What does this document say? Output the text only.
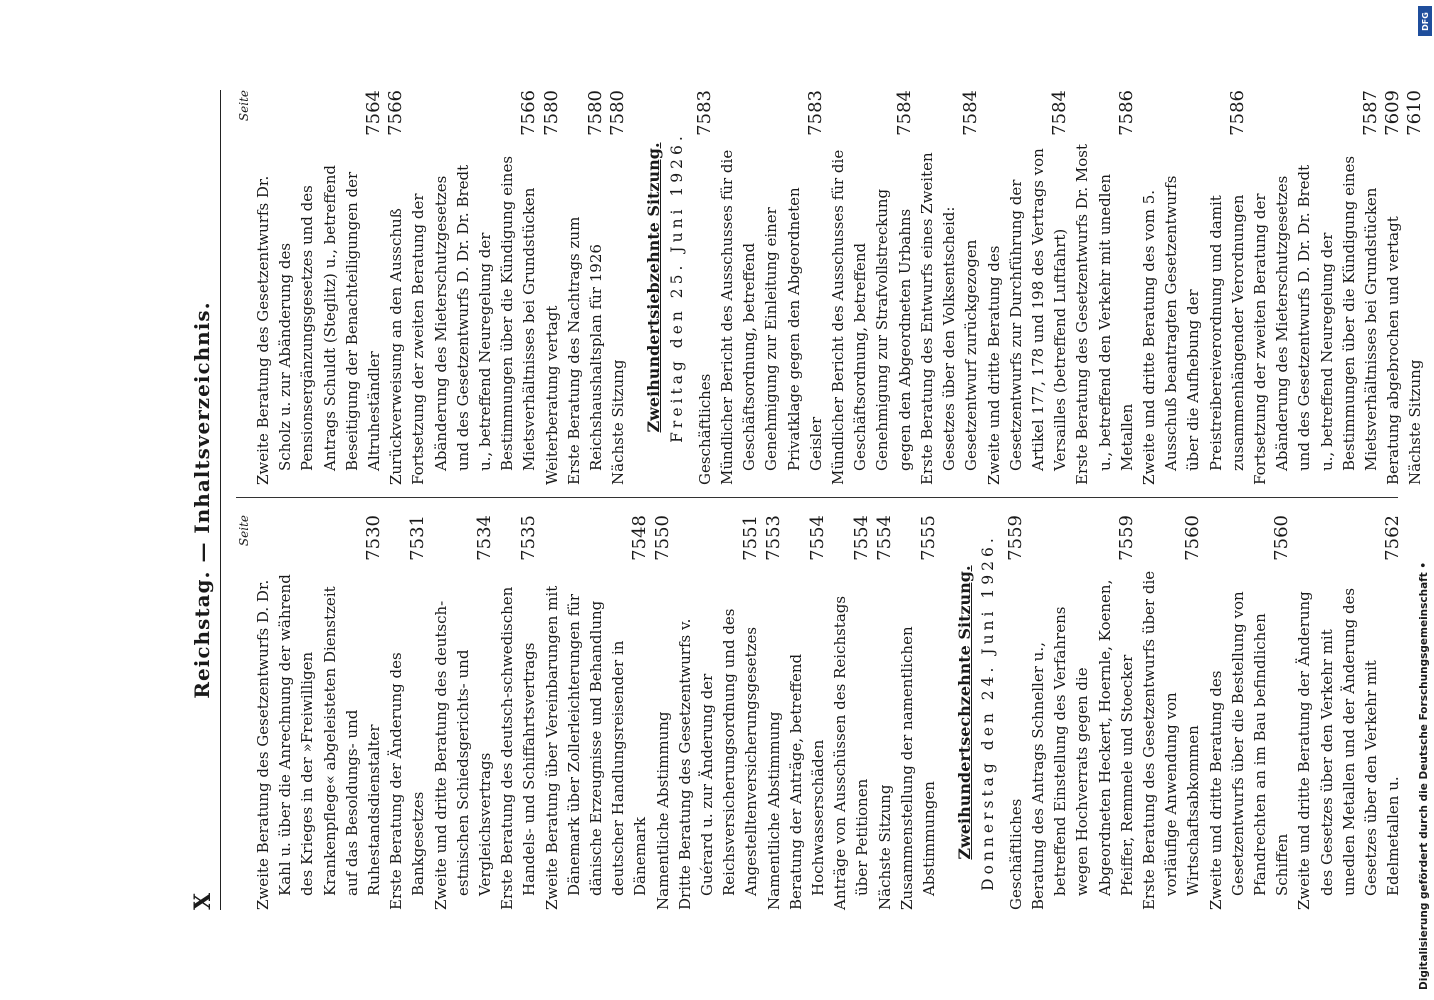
X
Reichstag. — Inhaltsverzeichnis. Seite
Zweite Beratung des Gesetzentwurfs D. Dr. Kahl u. über die Anrechnung der während des Krieges in der »Freiwilligen Krankenpflege« abgeleisteten Dienstzeit auf das Besoldungs- und Ruhestandsdienstalter
7530
Erste Beratung der Änderung des Bankgesetzes
7531
Zweite und dritte Beratung des deutsch-estnischen Schiedsgerichts- und Vergleichsvertrags
7534
Erste Beratung des deutsch-schwedischen Handels- und Schiffahrtsvertrags
7535
Zweite Beratung über Vereinbarungen mit Dänemark über Zollerleichterungen für dänische Erzeugnisse und Behandlung deutscher Handlungsreisender in Dänemark
7548
Namentliche Abstimmung
7550
Dritte Beratung des Gesetzentwurfs v. Guérard u. zur Änderung der Reichsversicherungsordnung und des Angestelltenversicherungsgesetzes
7551
Namentliche Abstimmung
7553
Beratung der Anträge, betreffend Hochwasserschäden
7554
Anträge von Ausschüssen des Reichstags über Petitionen
7554
Nächste Sitzung
7554
Zusammenstellung der namentlichen Abstimmungen
7555
Zweihundertsechzehnte Sitzung. Donnerstag den 24. Juni 1926. Geschäftliches
7559
Beratung des Antrags Schneller u., betreffend Einstellung des Verfahrens wegen Hochverrats gegen die Abgeordneten Heckert, Hoernle, Koenen, Pfeiffer, Remmele und Stoecker
7559
Erste Beratung des Gesetzentwurfs über die vorläufige Anwendung von Wirtschaftsabkommen
7560
Zweite und dritte Beratung des Gesetzentwurfs über die Bestellung von Pfandrechten an im Bau befindlichen Schiffen
7560
Zweite und dritte Beratung der Änderung des Gesetzes über den Verkehr mit unedlen Metallen und der Änderung des Gesetzes über den Verkehr mit Edelmetallen u.
7562
Seite
Zweite Beratung des Gesetzentwurfs Dr. Scholz u. zur Abänderung des Pensionsergänzungsgesetzes und des Antrags Schuldt (Steglitz) u., betreffend Beseitigung der Benachteiligungen der Altruheständler
7564
Zurückverweisung an den Ausschuß
7566
Fortsetzung der zweiten Beratung der Abänderung des Mieterschutzgesetzes und des Gesetzentwurfs D. Dr. Dr. Bredt u., betreffend Neuregelung der Bestimmungen über die Kündigung eines Mietsverhältnisses bei Grundstücken
7566
Weiterberatung vertagt
7580
Erste Beratung des Nachtrags zum Reichshaushaltsplan für 1926
7580
Nächste Sitzung
7580
Zweihundertsiebzehnte Sitzung. Freitag den 25. Juni 1926. Geschäftliches
7583
Mündlicher Bericht des Ausschusses für die Geschäftsordnung, betreffend Genehmigung zur Einleitung einer Privatklage gegen den Abgeordneten Geisler
7583
Mündlicher Bericht des Ausschusses für die Geschäftsordnung, betreffend Genehmigung zur Strafvollstreckung gegen den Abgeordneten Urbahns
7584
Erste Beratung des Entwurfs eines Zweiten Gesetzes über den Volksentscheid: Gesetzentwurf zurückgezogen
7584
Zweite und dritte Beratung des Gesetzentwurfs zur Durchführung der Artikel 177, 178 und 198 des Vertrags von Versailles (betreffend Luftfahrt)
7584
Erste Beratung des Gesetzentwurfs Dr. Most u., betreffend den Verkehr mit unedlen Metallen
7586
Zweite und dritte Beratung des vom 5. Ausschuß beantragten Gesetzentwurfs über die Aufhebung der Preistreibereiverordnung und damit zusammenhängender Verordnungen
7586
Fortsetzung der zweiten Beratung der Abänderung des Mieterschutzgesetzes und des Gesetzentwurfs D. Dr. Dr. Bredt u., betreffend Neuregelung der Bestimmungen über die Kündigung eines Mietsverhältnisses bei Grundstücken
7587
Beratung abgebrochen und vertagt
7609
Nächste Sitzung
7610
Digitalisierung gefördert durch die Deutsche Forschungsgemeinschaft •
DFG
